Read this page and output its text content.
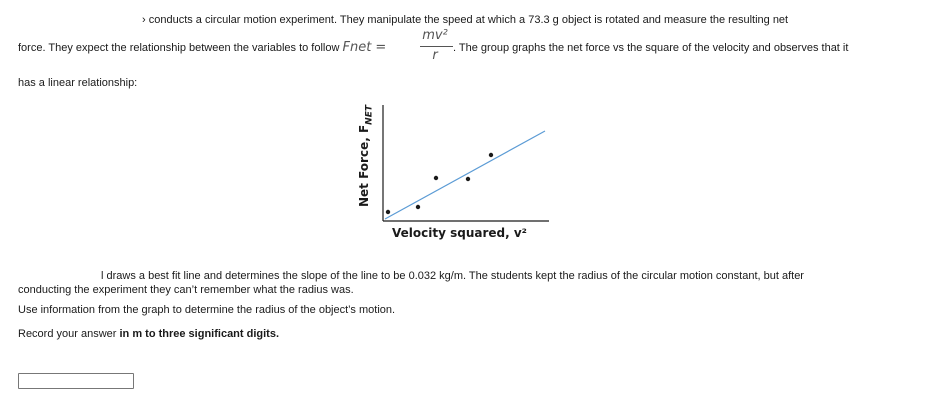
› conducts a circular motion experiment. They manipulate the speed at which a 73.3 g object is rotated and measure the resulting net
force. They expect the relationship between the variables to follow Fnet =
mv²
r	. The group graphs the net force vs the square of the velocity and observes that it
has a linear relationship:
Net Force, $F_{NET}$
Velocity squared, v²
l draws a best fit line and determines the slope of the line to be 0.032 kg/m. The students kept the radius of the circular motion constant, but after
conducting the experiment they can’t remember what the radius was.
Use information from the graph to determine the radius of the object’s motion.
Record your answer in m to three significant digits.
